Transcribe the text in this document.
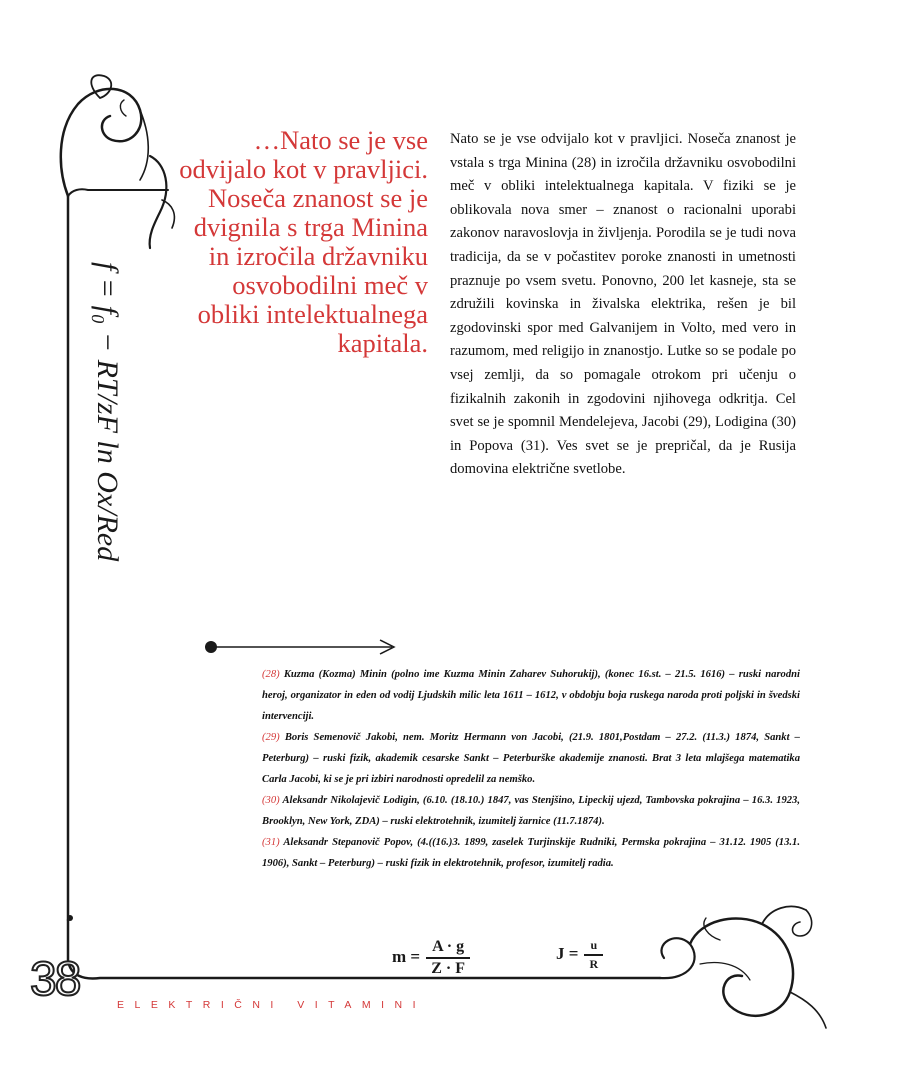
f = f₀ − RT/zF ln Ox/Red
…Nato se je vse odvijalo kot v pravljici. Noseča znanost se je dvignila s trga Minina in izročila državniku osvobodilni meč v obliki intelektualnega kapitala.

Nato se je vse odvijalo kot v pravljici. Noseča znanost je vstala s trga Minina (28) in izročila državniku osvobodilni meč v obliki intelektualnega kapitala. V fiziki se je oblikovala nova smer – znanost o racionalni uporabi zakonov naravoslovja in življenja. Porodila se je tudi nova tradicija, da se v počastitev poroke znanosti in umetnosti praznuje po vsem svetu. Ponovno, 200 let kasneje, sta se združili kovinska in živalska elektrika, rešen je bil zgodovinski spor med Galvanijem in Volto, med vero in razumom, med religijo in znanostjo. Lutke so se podale po vsej zemlji, da so pomagale otrokom pri učenju o fizikalnih zakonih in zgodovini njihovega odkritja. Cel svet se je spomnil Mendelejeva, Jacobi (29), Lodigina (30) in Popova (31). Ves svet se je prepričal, da je Rusija domovina električne svetlobe.

(28) Kuzma (Kozma) Minin (polno ime Kuzma Minin Zaharev Suhorukij), (konec 16.st. – 21.5. 1616) – ruski narodni heroj, organizator in eden od vodij Ljudskih milic leta 1611 – 1612, v obdobju boja ruskega naroda proti poljski in švedski intervenciji.

(29) Boris Semenovič Jakobi, nem. Moritz Hermann von Jacobi, (21.9. 1801,Postdam – 27.2. (11.3.) 1874, Sankt – Peterburg) – ruski fizik, akademik cesarske Sankt – Peterburške akademije znanosti. Brat 3 leta mlajšega matematika Carla Jacobi, ki se je pri izbiri narodnosti opredelil za nemško.

(30) Aleksandr Nikolajevič Lodigin, (6.10. (18.10.) 1847, vas Stenjšino, Lipeckij ujezd, Tambovska pokrajina – 16.3. 1923, Brooklyn, New York, ZDA) – ruski elektrotehnik, izumitelj žarnice (11.7.1874).

(31) Aleksandr Stepanovič Popov, (4.((16.)3. 1899, zaselek Turjinskije Rudniki, Permska pokrajina – 31.12. 1905 (13.1. 1906), Sankt – Peterburg) – ruski fizik in elektrotehnik, profesor, izumitelj radia.

$m = \frac{A \cdot g}{Z \cdot F}$	$J = \frac{u}{R}$
38	ELEKTRIČNI VITAMINI
